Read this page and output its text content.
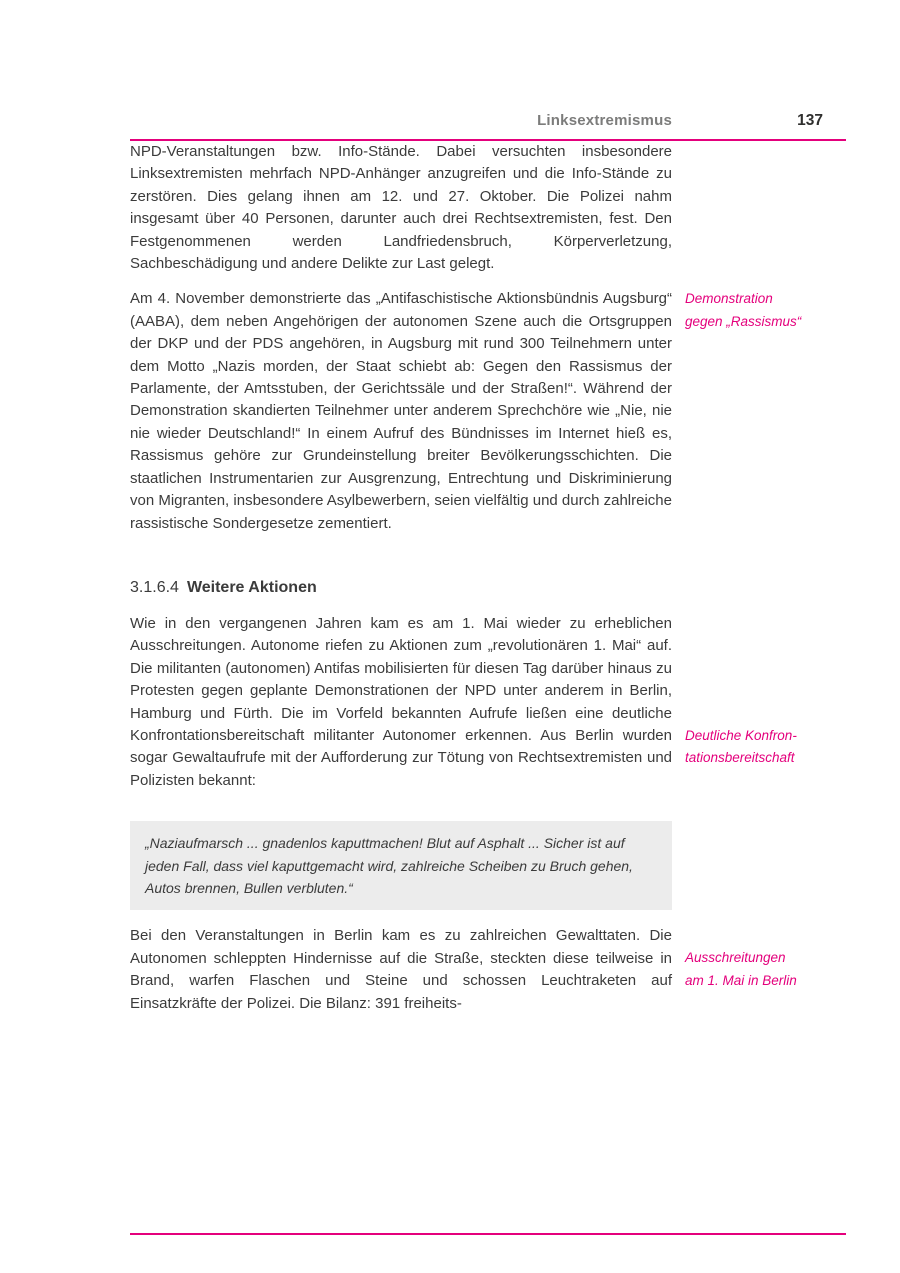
Linksextremismus	137

NPD-Veranstaltungen bzw. Info-Stände. Dabei versuchten insbesondere Linksextremisten mehrfach NPD-Anhänger anzugreifen und die Info-Stände zu zerstören. Dies gelang ihnen am 12. und 27. Oktober. Die Polizei nahm insgesamt über 40 Personen, darunter auch drei Rechtsextremisten, fest. Den Festgenommenen werden Landfriedensbruch, Körperverletzung, Sachbeschädigung und andere Delikte zur Last gelegt.

Am 4. November demonstrierte das „Antifaschistische Aktionsbündnis Augsburg“ (AABA), dem neben Angehörigen der autonomen Szene auch die Ortsgruppen der DKP und der PDS angehören, in Augsburg mit rund 300 Teilnehmern unter dem Motto „Nazis morden, der Staat schiebt ab: Gegen den Rassismus der Parlamente, der Amtsstuben, der Gerichtssäle und der Straßen!“. Während der Demonstration skandierten Teilnehmer unter anderem Sprechchöre wie „Nie, nie nie wieder Deutschland!“ In einem Aufruf des Bündnisses im Internet hieß es, Rassismus gehöre zur Grundeinstellung breiter Bevölkerungsschichten. Die staatlichen Instrumentarien zur Ausgrenzung, Entrechtung und Diskriminierung von Migranten, insbesondere Asylbewerbern, seien vielfältig und durch zahlreiche rassistische Sondergesetze zementiert.

Demonstration
gegen „Rassismus“
3.1.6.4 Weitere Aktionen

Wie in den vergangenen Jahren kam es am 1. Mai wieder zu erheblichen Ausschreitungen. Autonome riefen zu Aktionen zum „revolutionären 1. Mai“ auf. Die militanten (autonomen) Antifas mobilisierten für diesen Tag darüber hinaus zu Protesten gegen geplante Demonstrationen der NPD unter anderem in Berlin, Hamburg und Fürth. Die im Vorfeld bekannten Aufrufe ließen eine deutliche Konfrontationsbereitschaft militanter Autonomer erkennen. Aus Berlin wurden sogar Gewaltaufrufe mit der Aufforderung zur Tötung von Rechtsextremisten und Polizisten bekannt:

Deutliche Konfron-
tationsbereitschaft

„Naziaufmarsch ... gnadenlos kaputtmachen! Blut auf Asphalt ... Sicher ist auf jeden Fall, dass viel kaputtgemacht wird, zahlreiche Scheiben zu Bruch gehen, Autos brennen, Bullen verbluten.“

Bei den Veranstaltungen in Berlin kam es zu zahlreichen Gewalttaten. Die Autonomen schleppten Hindernisse auf die Straße, steckten diese teilweise in Brand, warfen Flaschen und Steine und schossen Leuchtraketen auf Einsatzkräfte der Polizei. Die Bilanz: 391 freiheits-

Ausschreitungen
am 1. Mai in Berlin
